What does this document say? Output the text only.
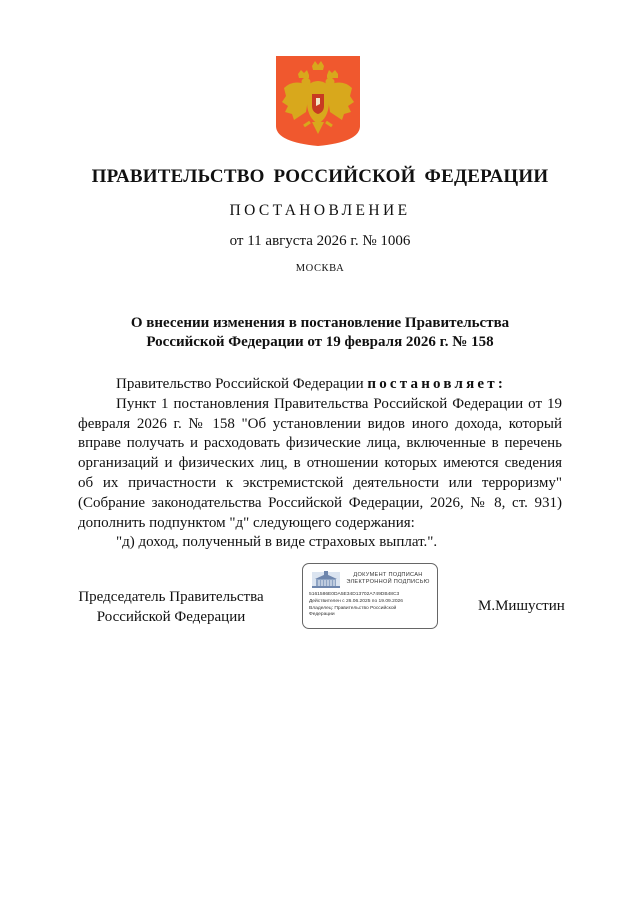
ПРАВИТЕЛЬСТВО РОССИЙСКОЙ ФЕДЕРАЦИИ
ПОСТАНОВЛЕНИЕ
от 11 августа 2026 г. № 1006
МОСКВА
О внесении изменения в постановление Правительства
Российской Федерации от 19 февраля 2026 г. № 158

Правительство Российской Федерации постановляет:

Пункт 1 постановления Правительства Российской Федерации от 19 февраля 2026 г. № 158 "Об установлении видов иного дохода, который вправе получать и расходовать физические лица, включенные в перечень организаций и физических лиц, в отношении которых имеются сведения об их причастности к экстремистской деятельности или терроризму" (Собрание законодательства Российской Федерации, 2026, № 8, ст. 931) дополнить подпунктом "д" следующего содержания:

"д) доход, полученный в виде страховых выплат.".

Председатель Правительства
Российской Федерации
ДОКУМЕНТ ПОДПИСАН
ЭЛЕКТРОННОЙ ПОДПИСЬЮ
5161586E0DA5E34D13702A749DB48C3
Действителен с 26.06.2025 по 19.09.2026
Владелец: Правительство Российской
Федерации
М.Мишустин
